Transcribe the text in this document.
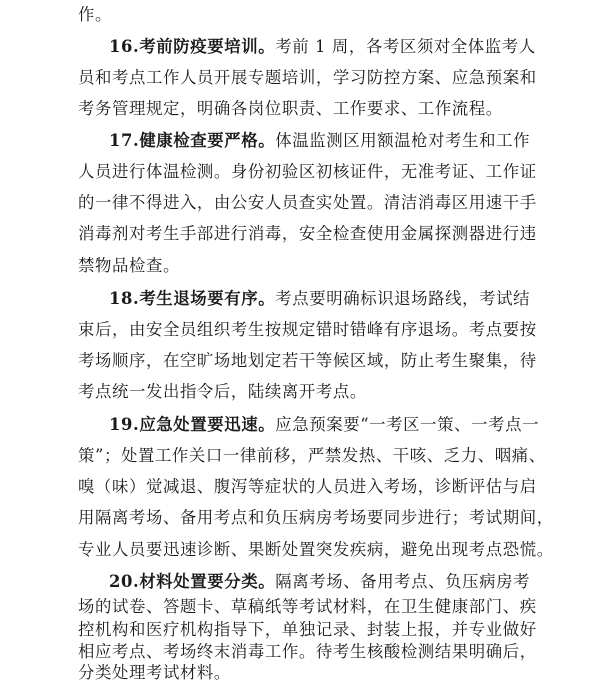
作。
16.考前防疫要培训。考前 1 周，各考区须对全体监考人
员和考点工作人员开展专题培训，学习防控方案、应急预案和
考务管理规定，明确各岗位职责、工作要求、工作流程。
17.健康检查要严格。体温监测区用额温枪对考生和工作
人员进行体温检测。身份初验区初核证件，无准考证、工作证
的一律不得进入，由公安人员查实处置。清洁消毒区用速干手
消毒剂对考生手部进行消毒，安全检查使用金属探测器进行违
禁物品检查。
18.考生退场要有序。考点要明确标识退场路线，考试结
束后，由安全员组织考生按规定错时错峰有序退场。考点要按
考场顺序，在空旷场地划定若干等候区域，防止考生聚集，待
考点统一发出指令后，陆续离开考点。
19.应急处置要迅速。应急预案要“一考区一策、一考点一
策”；处置工作关口一律前移，严禁发热、干咳、乏力、咽痛、
嗅（味）觉减退、腹泻等症状的人员进入考场，诊断评估与启
用隔离考场、备用考点和负压病房考场要同步进行；考试期间，
专业人员要迅速诊断、果断处置突发疾病，避免出现考点恐慌。
20.材料处置要分类。隔离考场、备用考点、负压病房考
场的试卷、答题卡、草稿纸等考试材料，在卫生健康部门、疾
控机构和医疗机构指导下，单独记录、封装上报，并专业做好
相应考点、考场终末消毒工作。待考生核酸检测结果明确后，
分类处理考试材料。
